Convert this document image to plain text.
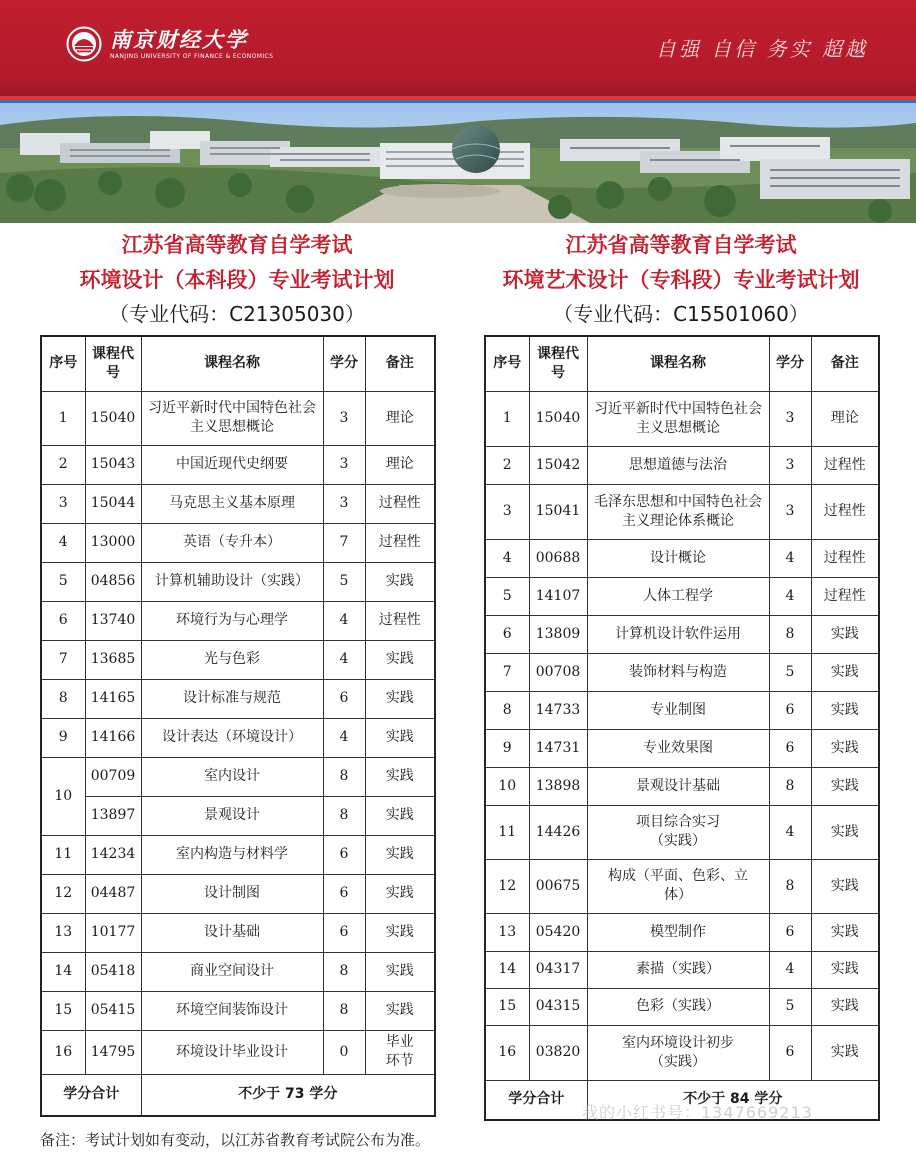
南京财经大学
NANJING UNIVERSITY OF FINANCE & ECONOMICS	自强 自信 务实 超越
江苏省高等教育自学考试
环境设计（本科段）专业考试计划
（专业代码：C21305030）
江苏省高等教育自学考试
环境艺术设计（专科段）专业考试计划
（专业代码：C15501060）
序号	课程代号	课程名称	学分	备注
1	15040	习近平新时代中国特色社会主义思想概论	3	理论
2	15043	中国近现代史纲要	3	理论
3	15044	马克思主义基本原理	3	过程性
4	13000	英语（专升本）	7	过程性
5	04856	计算机辅助设计（实践）	5	实践
6	13740	环境行为与心理学	4	过程性
7	13685	光与色彩	4	实践
8	14165	设计标准与规范	6	实践
9	14166	设计表达（环境设计）	4	实践
10	00709	室内设计	8	实践
	13897	景观设计	8	实践
11	14234	室内构造与材料学	6	实践
12	04487	设计制图	6	实践
13	10177	设计基础	6	实践
14	05418	商业空间设计	8	实践
15	05415	环境空间装饰设计	8	实践
16	14795	环境设计毕业设计	0	毕业环节
学分合计		不少于 73 学分		
序号	课程代号	课程名称	学分	备注
1	15040	习近平新时代中国特色社会主义思想概论	3	理论
2	15042	思想道德与法治	3	过程性
3	15041	毛泽东思想和中国特色社会主义理论体系概论	3	过程性
4	00688	设计概论	4	过程性
5	14107	人体工程学	4	过程性
6	13809	计算机设计软件运用	8	实践
7	00708	装饰材料与构造	5	实践
8	14733	专业制图	6	实践
9	14731	专业效果图	6	实践
10	13898	景观设计基础	8	实践
11	14426	项目综合实习（实践）	4	实践
12	00675	构成（平面、色彩、立体）	8	实践
13	05420	模型制作	6	实践
14	04317	素描（实践）	4	实践
15	04315	色彩（实践）	5	实践
16	03820	室内环境设计初步（实践）	6	实践
学分合计		不少于 84 学分		
我的小红书号：1347669213
备注：考试计划如有变动，以江苏省教育考试院公布为准。
